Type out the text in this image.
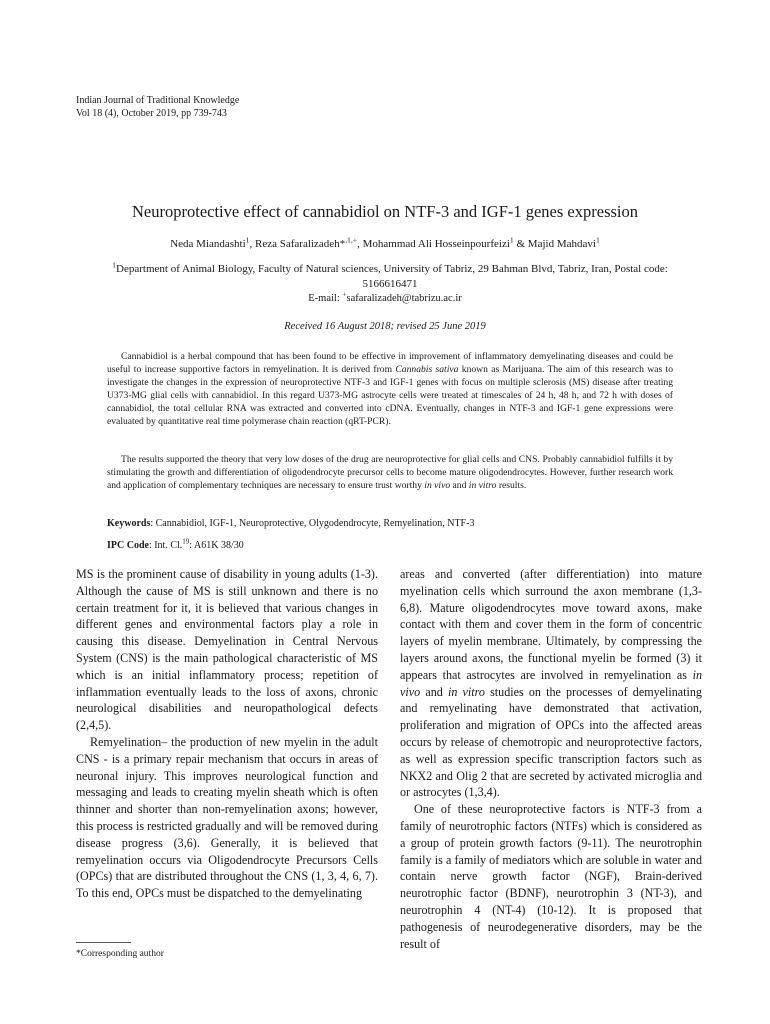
Indian Journal of Traditional Knowledge
Vol 18 (4), October 2019, pp 739-743
Neuroprotective effect of cannabidiol on NTF-3 and IGF-1 genes expression
Neda Miandashti$^1$, Reza Safaralizadeh*$^{,1,+}$, Mohammad Ali Hosseinpourfeizi$^1$ & Majid Mahdavi$^1$
$^1$Department of Animal Biology, Faculty of Natural sciences, University of Tabriz, 29 Bahman Blvd, Tabriz, Iran, Postal code: 5166616471
E-mail: +safaralizadeh@tabrizu.ac.ir
Received 16 August 2018; revised 25 June 2019

Cannabidiol is a herbal compound that has been found to be effective in improvement of inflammatory demyelinating diseases and could be useful to increase supportive factors in remyelination. It is derived from Cannabis sativa known as Marijuana. The aim of this research was to investigate the changes in the expression of neuroprotective NTF-3 and IGF-1 genes with focus on multiple sclerosis (MS) disease after treating U373-MG glial cells with cannabidiol. In this regard U373-MG astrocyte cells were treated at timescales of 24 h, 48 h, and 72 h with doses of cannabidiol, the total cellular RNA was extracted and converted into cDNA. Eventually, changes in NTF-3 and IGF-1 gene expressions were evaluated by quantitative real time polymerase chain reaction (qRT-PCR).

The results supported the theory that very low doses of the drug are neuroprotective for glial cells and CNS. Probably cannabidiol fulfills it by stimulating the growth and differentiation of oligodendrocyte precursor cells to become mature oligodendrocytes. However, further research work and application of complementary techniques are necessary to ensure trust worthy in vivo and in vitro results.

Keywords: Cannabidiol, IGF-1, Neuroprotective, Olygodendrocyte, Remyelination, NTF-3
IPC Code: Int. Cl.$^{19}$: A61K 38/30

MS is the prominent cause of disability in young adults (1-3). Although the cause of MS is still unknown and there is no certain treatment for it, it is believed that various changes in different genes and environmental factors play a role in causing this disease. Demyelination in Central Nervous System (CNS) is the main pathological characteristic of MS which is an initial inflammatory process; repetition of inflammation eventually leads to the loss of axons, chronic neurological disabilities and neuropathological defects (2,4,5).

Remyelination– the production of new myelin in the adult CNS - is a primary repair mechanism that occurs in areas of neuronal injury. This improves neurological function and messaging and leads to creating myelin sheath which is often thinner and shorter than non-remyelination axons; however, this process is restricted gradually and will be removed during disease progress (3,6). Generally, it is believed that remyelination occurs via Oligodendrocyte Precursors Cells (OPCs) that are distributed throughout the CNS (1, 3, 4, 6, 7). To this end, OPCs must be dispatched to the demyelinating

areas and converted (after differentiation) into mature myelination cells which surround the axon membrane (1,3-6,8). Mature oligodendrocytes move toward axons, make contact with them and cover them in the form of concentric layers of myelin membrane. Ultimately, by compressing the layers around axons, the functional myelin be formed (3) it appears that astrocytes are involved in remyelination as in vivo and in vitro studies on the processes of demyelinating and remyelinating have demonstrated that activation, proliferation and migration of OPCs into the affected areas occurs by release of chemotropic and neuroprotective factors, as well as expression specific transcription factors such as NKX2 and Olig 2 that are secreted by activated microglia and or astrocytes (1,3,4).

One of these neuroprotective factors is NTF-3 from a family of neurotrophic factors (NTFs) which is considered as a group of protein growth factors (9-11). The neurotrophin family is a family of mediators which are soluble in water and contain nerve growth factor (NGF), Brain-derived neurotrophic factor (BDNF), neurotrophin 3 (NT-3), and neurotrophin 4 (NT-4) (10-12). It is proposed that pathogenesis of neurodegenerative disorders, may be the result of

*Corresponding author
